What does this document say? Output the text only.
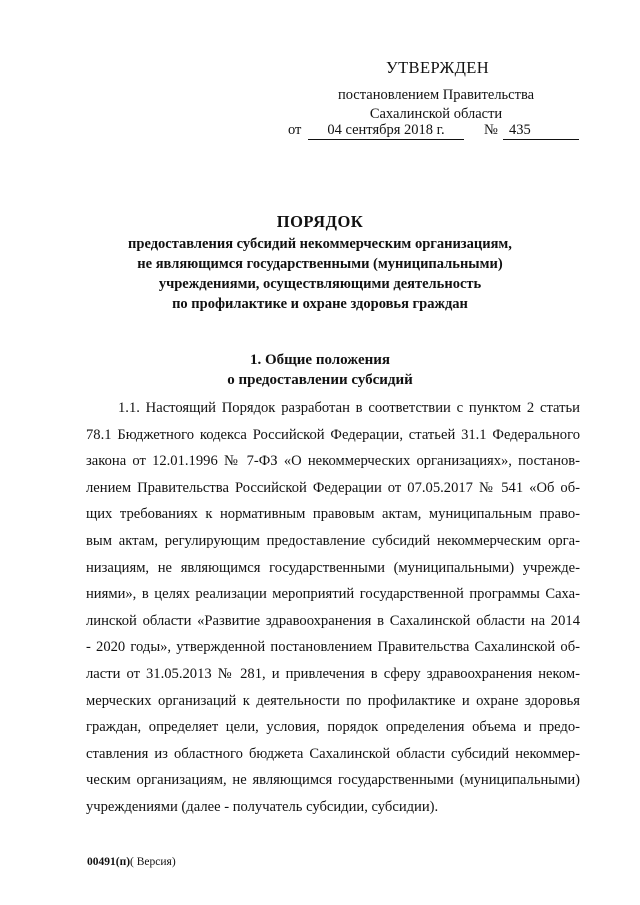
УТВЕРЖДЕН
постановлением Правительства
Сахалинской области
от	04 сентября 2018 г.	№ 435
ПОРЯДОК
предоставления субсидий некоммерческим организациям,
не являющимся государственными (муниципальными)
учреждениями, осуществляющими деятельность
по профилактике и охране здоровья граждан
1. Общие положения
о предоставлении субсидий
1.1. Настоящий Порядок разработан в соответствии с пунктом 2 статьи
78.1 Бюджетного кодекса Российской Федерации, статьей 31.1 Федерального
закона от 12.01.1996 № 7-ФЗ «О некоммерческих организациях», постанов-
лением Правительства Российской Федерации от 07.05.2017 № 541 «Об об-
щих требованиях к нормативным правовым актам, муниципальным право-
вым актам, регулирующим предоставление субсидий некоммерческим орга-
низациям, не являющимся государственными (муниципальными) учрежде-
ниями», в целях реализации мероприятий государственной программы Саха-
линской области «Развитие здравоохранения в Сахалинской области на 2014
- 2020 годы», утвержденной постановлением Правительства Сахалинской об-
ласти от 31.05.2013 № 281, и привлечения в сферу здравоохранения неком-
мерческих организаций к деятельности по профилактике и охране здоровья
граждан, определяет цели, условия, порядок определения объема и предо-
ставления из областного бюджета Сахалинской области субсидий некоммер-
ческим организациям, не являющимся государственными (муниципальными)
учреждениями (далее - получатель субсидии, субсидии).
00491(п)( Версия)
